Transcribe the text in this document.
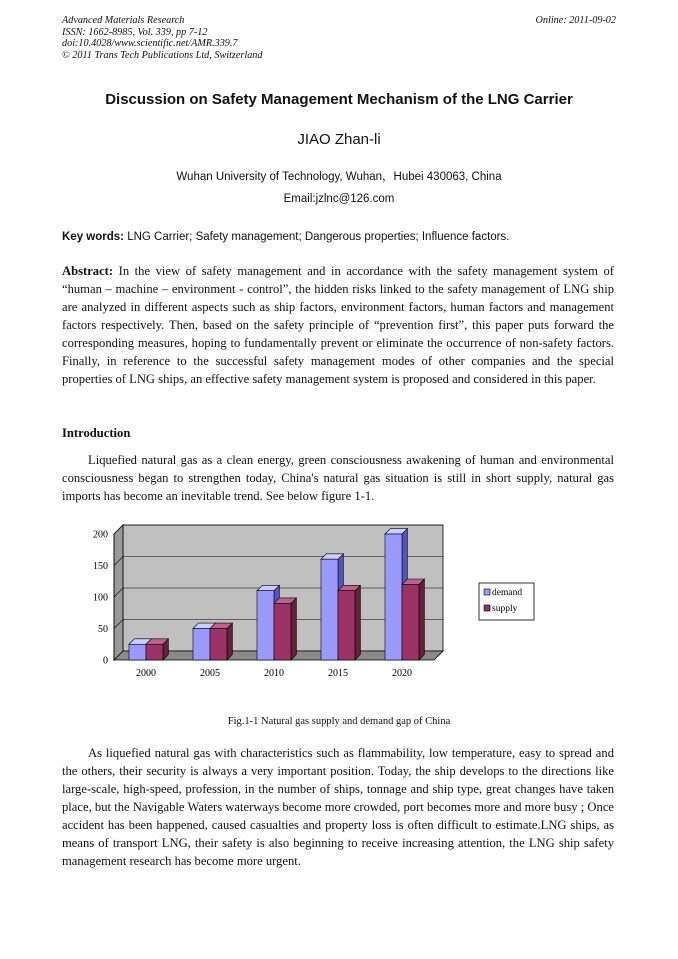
Advanced Materials Research
ISSN: 1662-8985, Vol. 339, pp 7-12
doi:10.4028/www.scientific.net/AMR.339.7
© 2011 Trans Tech Publications Ltd, Switzerland
Online: 2011-09-02
Discussion on Safety Management Mechanism of the LNG Carrier
JIAO Zhan-li
Wuhan University of Technology, Wuhan，Hubei 430063, China
Email:jzlnc@126.com
Key words: LNG Carrier; Safety management; Dangerous properties; Influence factors.
Abstract: In the view of safety management and in accordance with the safety management system of “human – machine – environment - control”, the hidden risks linked to the safety management of LNG ship are analyzed in different aspects such as ship factors, environment factors, human factors and management factors respectively. Then, based on the safety principle of “prevention first”, this paper puts forward the corresponding measures, hoping to fundamentally prevent or eliminate the occurrence of non-safety factors. Finally, in reference to the successful safety management modes of other companies and the special properties of LNG ships, an effective safety management system is proposed and considered in this paper.
Introduction
Liquefied natural gas as a clean energy, green consciousness awakening of human and environmental consciousness began to strengthen today, China's natural gas situation is still in short supply, natural gas imports has become an inevitable trend. See below figure 1-1.
0
50
100
150
200
2000	2005	2010	2015	2020
demand
supply
Fig.1-1 Natural gas supply and demand gap of China
As liquefied natural gas with characteristics such as flammability, low temperature, easy to spread and the others, their security is always a very important position. Today, the ship develops to the directions like large-scale, high-speed, profession, in the number of ships, tonnage and ship type, great changes have taken place, but the Navigable Waters waterways become more crowded, port becomes more and more busy ; Once accident has been happened, caused casualties and property loss is often difficult to estimate.LNG ships, as means of transport LNG, their safety is also beginning to receive increasing attention, the LNG ship safety management research has become more urgent.
